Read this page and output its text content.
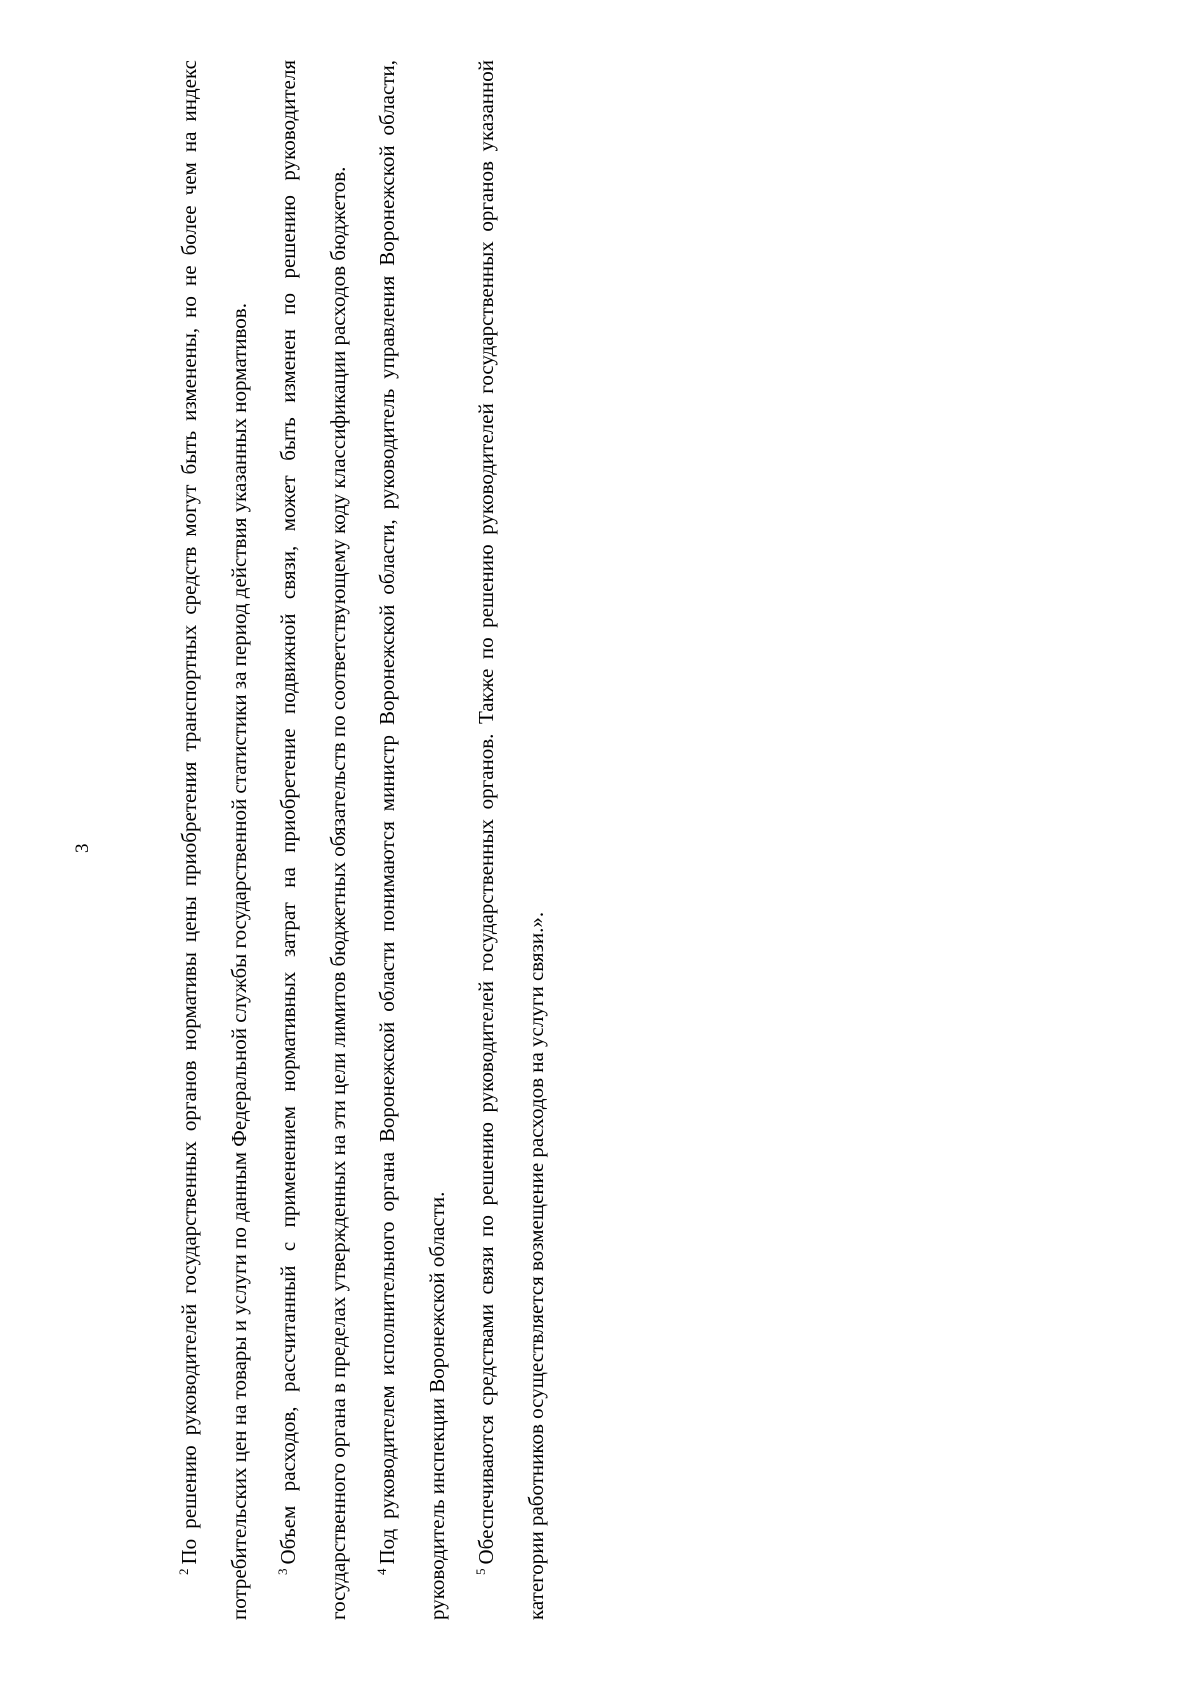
3

$^2$По решению руководителей государственных органов нормативы цены приобретения транспортных средств могут быть изменены, но не более чем на индекс потребительских цен на товары и услуги по данным Федеральной службы государственной статистики за период действия указанных нормативов.	$^3$Объем расходов, рассчитанный с применением нормативных затрат на приобретение подвижной связи, может быть изменен по решению руководителя государственного органа в пределах утвержденных на эти цели лимитов бюджетных обязательств по соответствующему коду классификации расходов бюджетов.	$^4$Под руководителем исполнительного органа Воронежской области понимаются министр Воронежской области, руководитель управления Воронежской области, руководитель инспекции Воронежской области.	$^5$Обеспечиваются средствами связи по решению руководителей государственных органов. Также по решению руководителей государственных органов указанной категории работников осуществляется возмещение расходов на услуги связи.».
